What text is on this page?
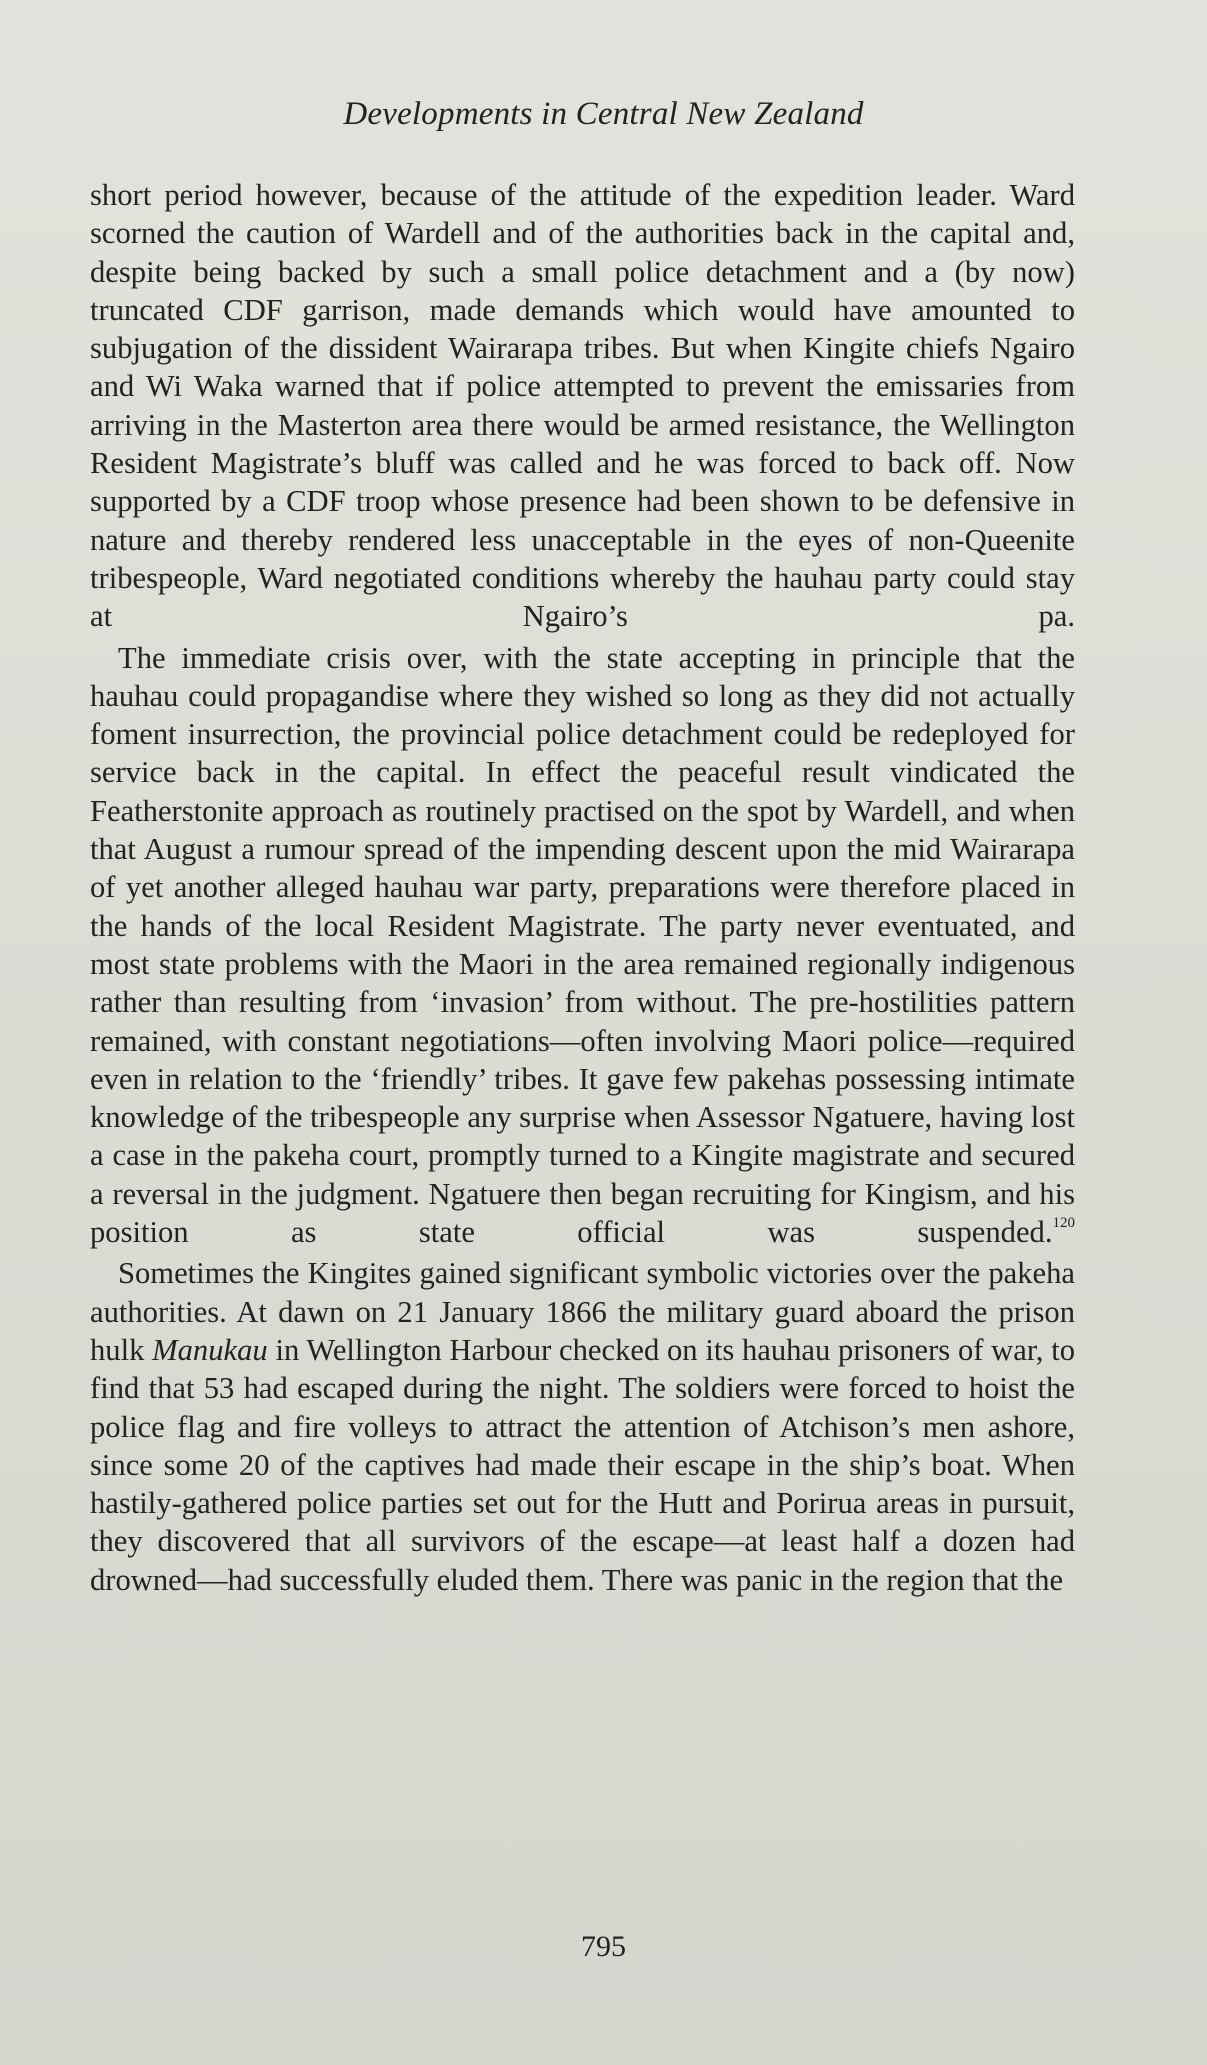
Developments in Central New Zealand

short period however, because of the attitude of the expedition leader. Ward scorned the caution of Wardell and of the authorities back in the capital and, despite being backed by such a small police detachment and a (by now) truncated CDF garrison, made demands which would have amounted to subjugation of the dissident Wairarapa tribes. But when Kingite chiefs Ngairo and Wi Waka warned that if police attempted to prevent the emissaries from arriving in the Masterton area there would be armed resistance, the Wellington Resident Magistrate’s bluff was called and he was forced to back off. Now supported by a CDF troop whose presence had been shown to be defensive in nature and thereby rendered less unacceptable in the eyes of non-Queenite tribespeople, Ward negotiated conditions whereby the hauhau party could stay at Ngairo’s pa.

The immediate crisis over, with the state accepting in principle that the hauhau could propagandise where they wished so long as they did not actually foment insurrection, the provincial police detachment could be redeployed for service back in the capital. In effect the peaceful result vindicated the Featherstonite approach as routinely practised on the spot by Wardell, and when that August a rumour spread of the impending descent upon the mid Wairarapa of yet another alleged hauhau war party, preparations were therefore placed in the hands of the local Resident Magistrate. The party never eventuated, and most state problems with the Maori in the area remained regionally indigenous rather than resulting from ‘invasion’ from without. The pre-hostilities pattern remained, with constant negotiations—often involving Maori police—required even in relation to the ‘friendly’ tribes. It gave few pakehas possessing intimate knowledge of the tribespeople any surprise when Assessor Ngatuere, having lost a case in the pakeha court, promptly turned to a Kingite magistrate and secured a reversal in the judgment. Ngatuere then began recruiting for Kingism, and his position as state official was suspended.$^{120}$

Sometimes the Kingites gained significant symbolic victories over the pakeha authorities. At dawn on 21 January 1866 the military guard aboard the prison hulk Manukau in Wellington Harbour checked on its hauhau prisoners of war, to find that 53 had escaped during the night. The soldiers were forced to hoist the police flag and fire volleys to attract the attention of Atchison’s men ashore, since some 20 of the captives had made their escape in the ship’s boat. When hastily-gathered police parties set out for the Hutt and Porirua areas in pursuit, they discovered that all survivors of the escape—at least half a dozen had drowned—had successfully eluded them. There was panic in the region that the

795
